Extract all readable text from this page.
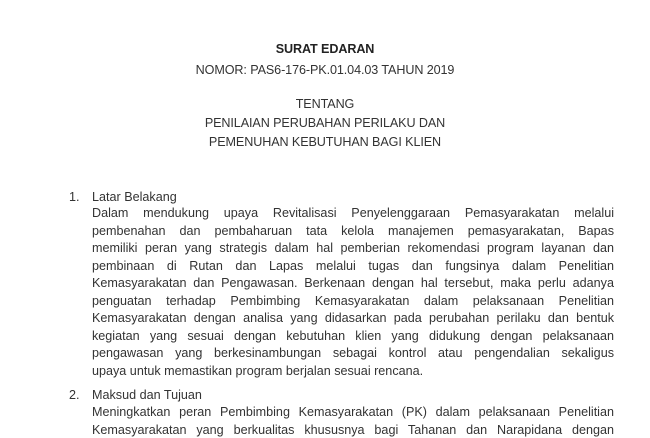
SURAT EDARAN
NOMOR: PAS6-176-PK.01.04.03 TAHUN 2019
TENTANG
PENILAIAN PERUBAHAN PERILAKU DAN
PEMENUHAN KEBUTUHAN BAGI KLIEN
1. Latar Belakang
Dalam mendukung upaya Revitalisasi Penyelenggaraan Pemasyarakatan melalui
pembenahan dan pembaharuan tata kelola manajemen pemasyarakatan, Bapas
memiliki peran yang strategis dalam hal pemberian rekomendasi program layanan dan
pembinaan di Rutan dan Lapas melalui tugas dan fungsinya dalam Penelitian
Kemasyarakatan dan Pengawasan. Berkenaan dengan hal tersebut, maka perlu adanya
penguatan terhadap Pembimbing Kemasyarakatan dalam pelaksanaan Penelitian
Kemasyarakatan dengan analisa yang didasarkan pada perubahan perilaku dan bentuk
kegiatan yang sesuai dengan kebutuhan klien yang didukung dengan pelaksanaan
pengawasan yang berkesinambungan sebagai kontrol atau pengendalian sekaligus
upaya untuk memastikan program berjalan sesuai rencana.
2. Maksud dan Tujuan
Meningkatkan peran Pembimbing Kemasyarakatan (PK) dalam pelaksanaan Penelitian
Kemasyarakatan yang berkualitas khususnya bagi Tahanan dan Narapidana dengan
